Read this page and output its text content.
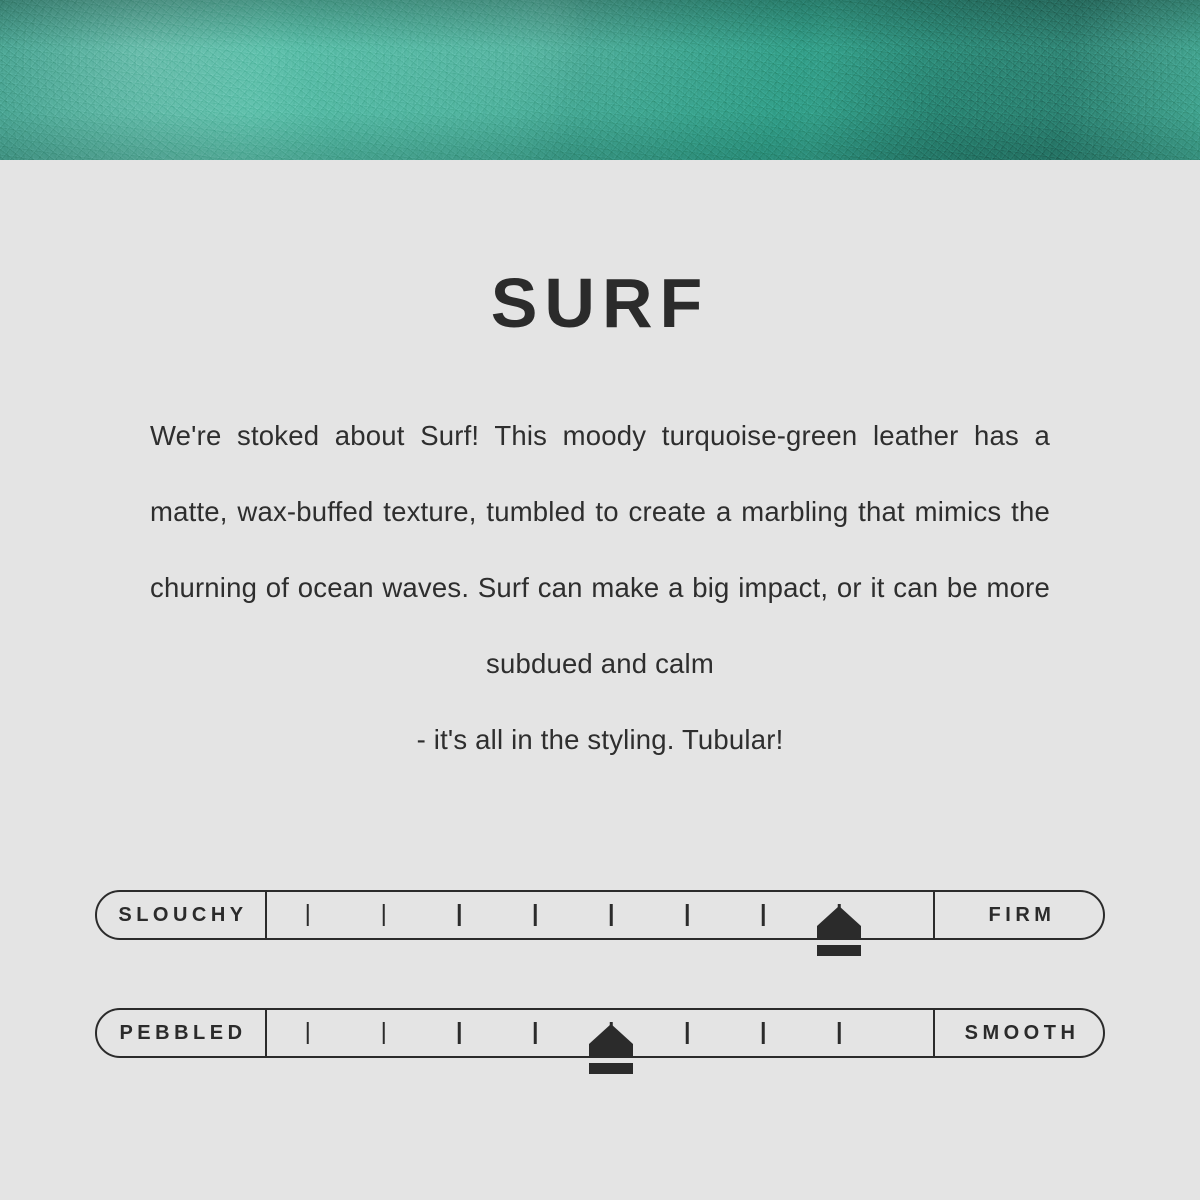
SURF

We're stoked about Surf! This moody turquoise-green leather has a matte, wax-buffed texture, tumbled to create a marbling that mimics the churning of ocean waves. Surf can make a big impact, or it can be more subdued and calm
- it's all in the styling. Tubular!

SLOUCHY	FIRM
PEBBLED	SMOOTH
